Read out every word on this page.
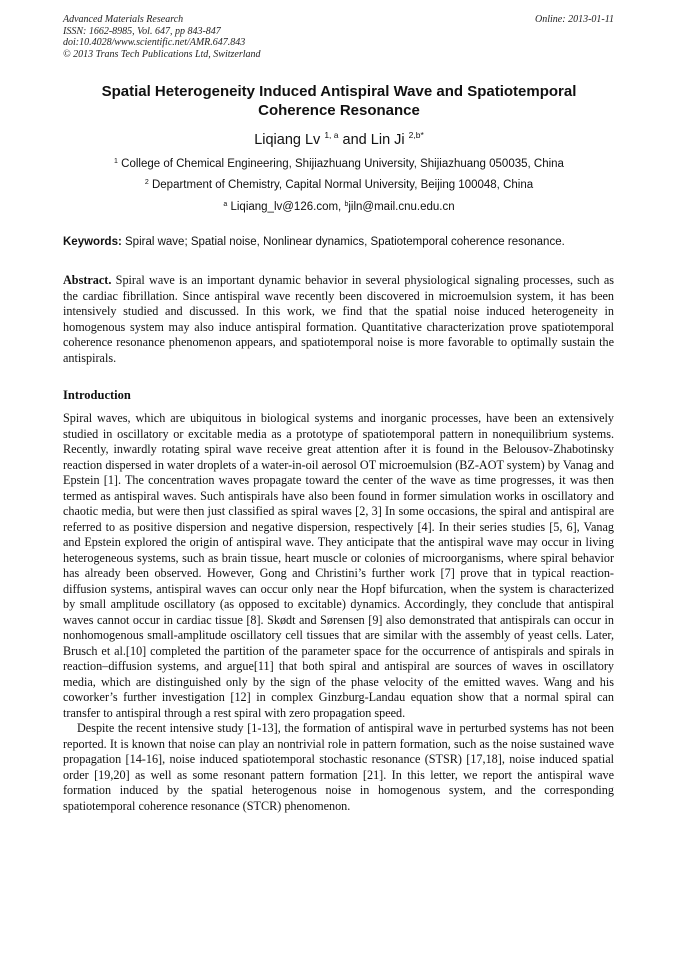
Advanced Materials Research
ISSN: 1662-8985, Vol. 647, pp 843-847
doi:10.4028/www.scientific.net/AMR.647.843
© 2013 Trans Tech Publications Ltd, Switzerland
Online: 2013-01-11
Spatial Heterogeneity Induced Antispiral Wave and Spatiotemporal Coherence Resonance
Liqiang Lv $^{1, a}$ and Lin Ji $^{2,b*}$
$^1$ College of Chemical Engineering, Shijiazhuang University, Shijiazhuang 050035, China
$^2$ Department of Chemistry, Capital Normal University, Beijing 100048, China
$^a$ Liqiang_lv@126.com, $^b$jiln@mail.cnu.edu.cn
Keywords: Spiral wave; Spatial noise, Nonlinear dynamics, Spatiotemporal coherence resonance.
Abstract. Spiral wave is an important dynamic behavior in several physiological signaling processes, such as the cardiac fibrillation. Since antispiral wave recently been discovered in microemulsion system, it has been intensively studied and discussed. In this work, we find that the spatial noise induced heterogeneity in homogenous system may also induce antispiral formation. Quantitative characterization prove spatiotemporal coherence resonance phenomenon appears, and spatiotemporal noise is more favorable to optimally sustain the antispirals.
Introduction

Spiral waves, which are ubiquitous in biological systems and inorganic processes, have been an extensively studied in oscillatory or excitable media as a prototype of spatiotemporal pattern in nonequilibrium systems. Recently, inwardly rotating spiral wave receive great attention after it is found in the Belousov-Zhabotinsky reaction dispersed in water droplets of a water-in-oil aerosol OT microemulsion (BZ-AOT system) by Vanag and Epstein [1]. The concentration waves propagate toward the center of the wave as time progresses, it was then termed as antispiral waves. Such antispirals have also been found in former simulation works in oscillatory and chaotic media, but were then just classified as spiral waves [2, 3] In some occasions, the spiral and antispiral are referred to as positive dispersion and negative dispersion, respectively [4]. In their series studies [5, 6], Vanag and Epstein explored the origin of antispiral wave. They anticipate that the antispiral wave may occur in living heterogeneous systems, such as brain tissue, heart muscle or colonies of microorganisms, where spiral behavior has already been observed. However, Gong and Christini’s further work [7] prove that in typical reaction-diffusion systems, antispiral waves can occur only near the Hopf bifurcation, when the system is characterized by small amplitude oscillatory (as opposed to excitable) dynamics. Accordingly, they conclude that antispiral waves cannot occur in cardiac tissue [8]. Skødt and Sørensen [9] also demonstrated that antispirals can occur in nonhomogenous small-amplitude oscillatory cell tissues that are similar with the assembly of yeast cells. Later, Brusch et al.[10] completed the partition of the parameter space for the occurrence of antispirals and spirals in reaction–diffusion systems, and argue[11] that both spiral and antispiral are sources of waves in oscillatory media, which are distinguished only by the sign of the phase velocity of the emitted waves. Wang and his coworker’s further investigation [12] in complex Ginzburg-Landau equation show that a normal spiral can transfer to antispiral through a rest spiral with zero propagation speed.

Despite the recent intensive study [1-13], the formation of antispiral wave in perturbed systems has not been reported. It is known that noise can play an nontrivial role in pattern formation, such as the noise sustained wave propagation [14-16], noise induced spatiotemporal stochastic resonance (STSR) [17,18], noise induced spatial order [19,20] as well as some resonant pattern formation [21]. In this letter, we report the antispiral wave formation induced by the spatial heterogenous noise in homogenous system, and the corresponding spatiotemporal coherence resonance (STCR) phenomenon.
